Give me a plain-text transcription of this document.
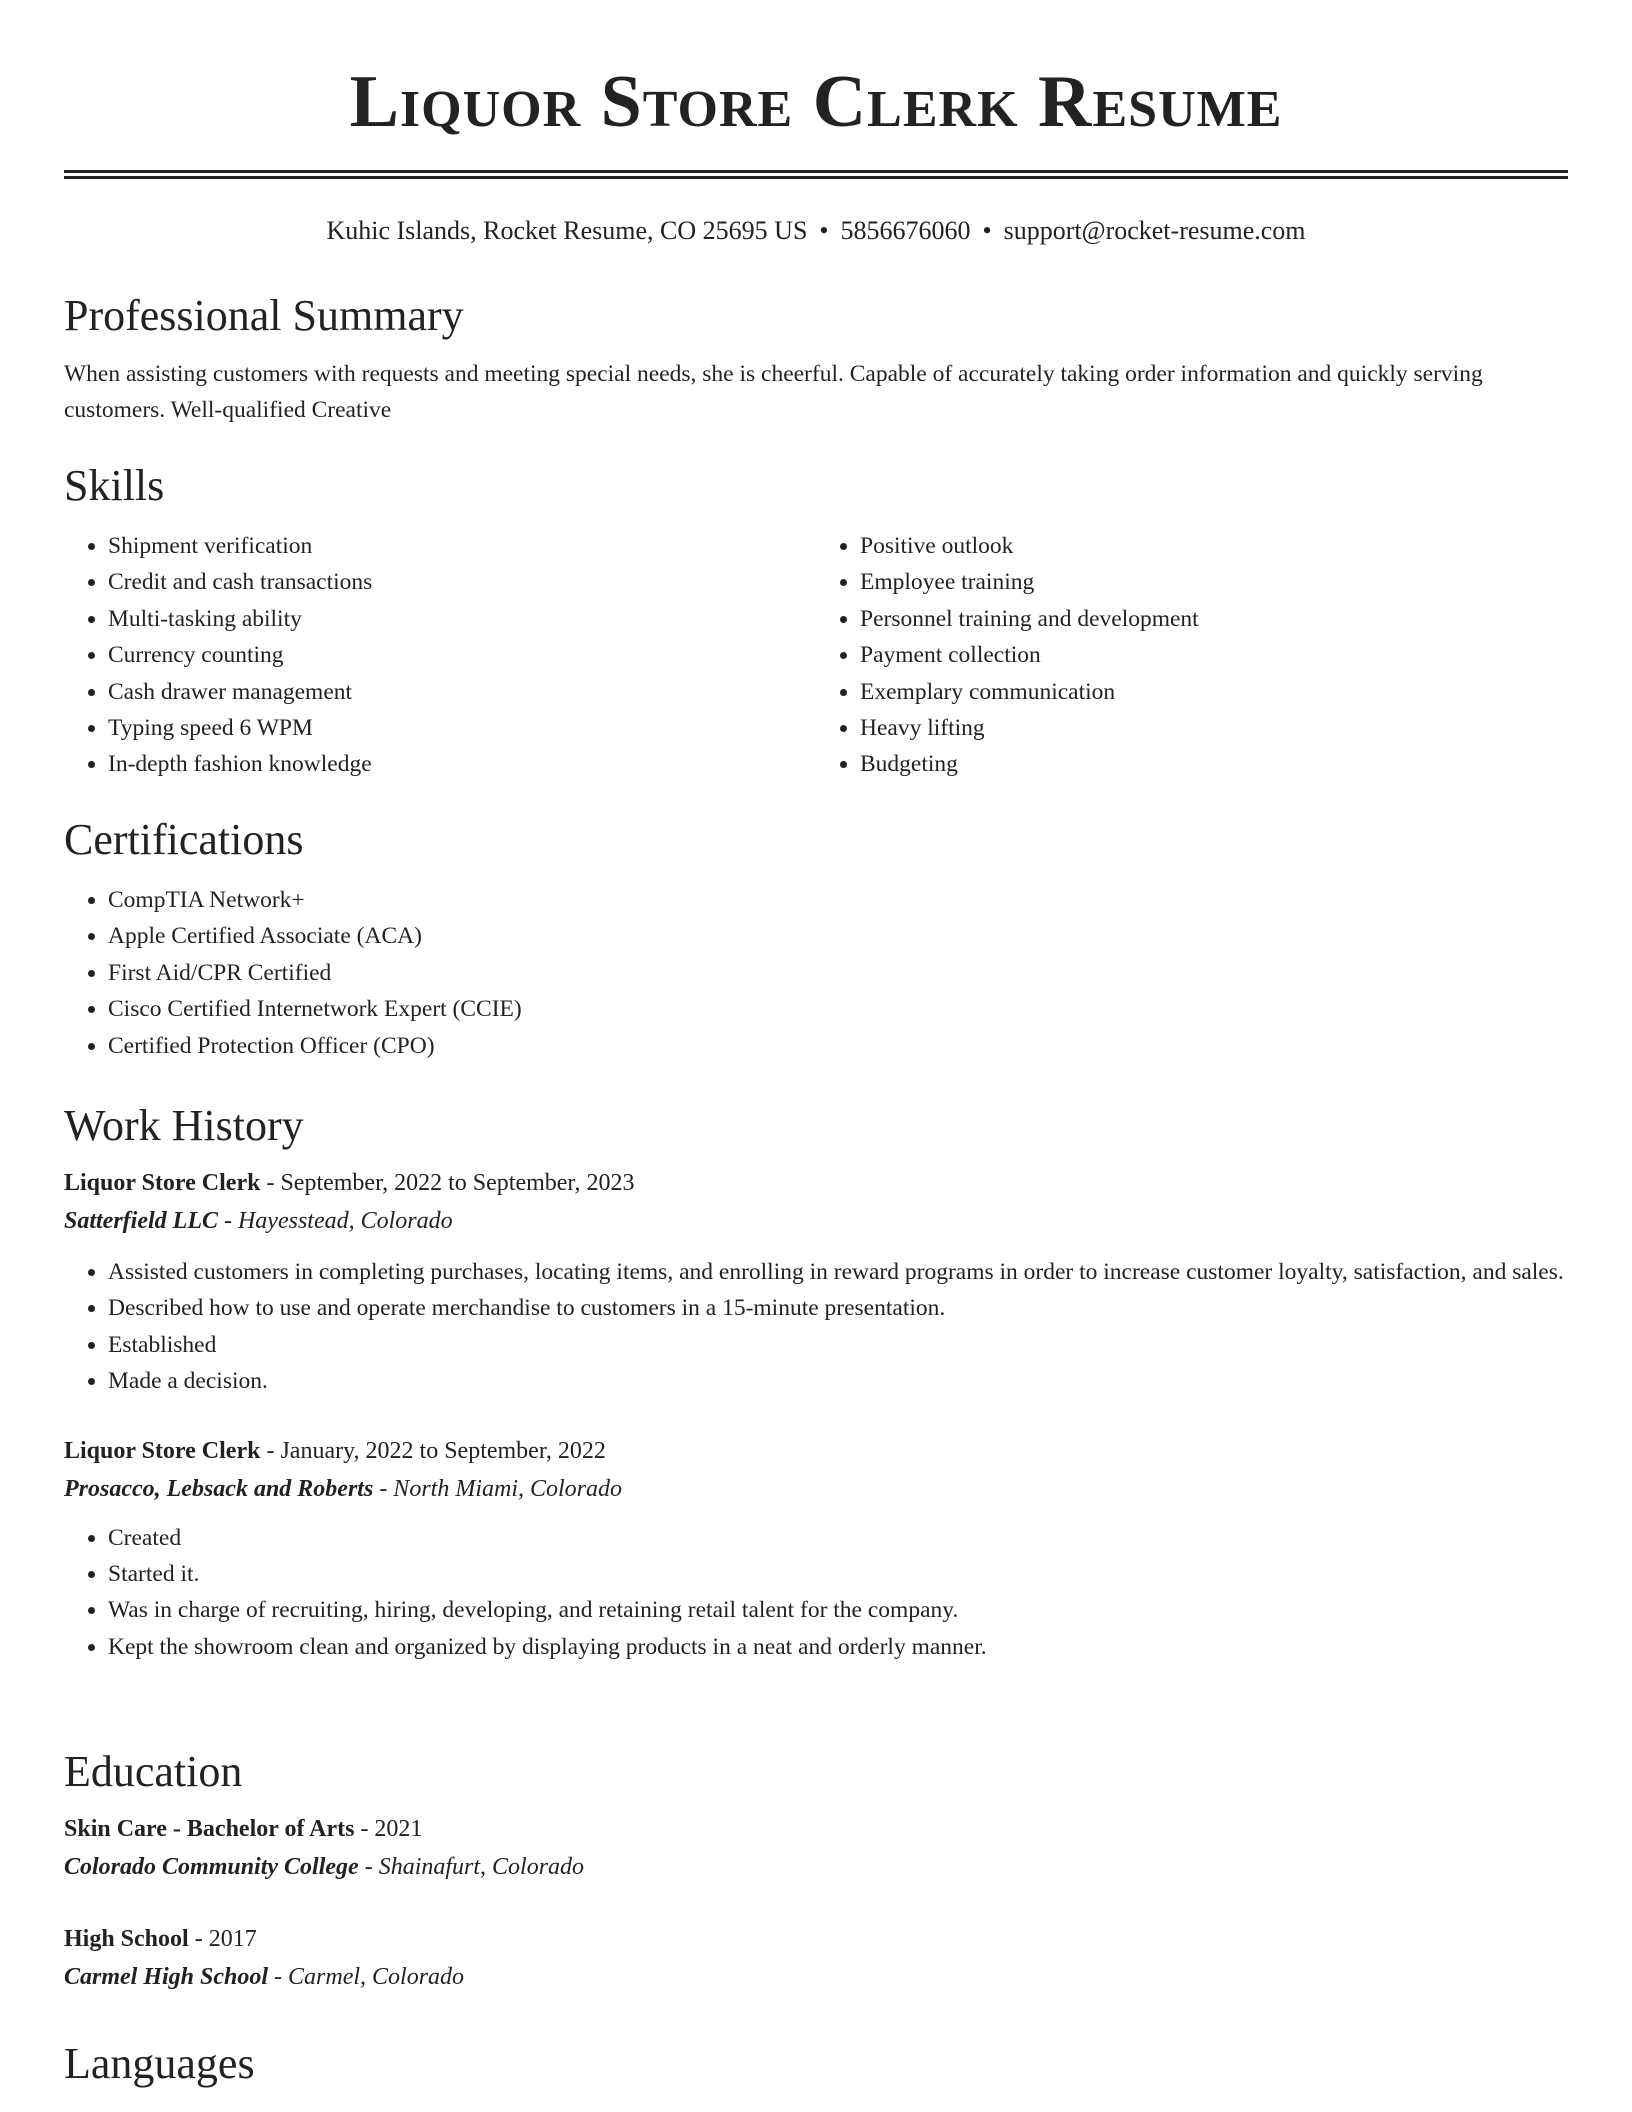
Liquor Store Clerk Resume
Kuhic Islands, Rocket Resume, CO 25695 US • 5856676060 • support@rocket-resume.com
Professional Summary

When assisting customers with requests and meeting special needs, she is cheerful. Capable of accurately taking order information and quickly serving customers. Well-qualified Creative

Skills
• Shipment verification
• Credit and cash transactions
• Multi-tasking ability
• Currency counting
• Cash drawer management
• Typing speed 6 WPM
• In-depth fashion knowledge
• Positive outlook
• Employee training
• Personnel training and development
• Payment collection
• Exemplary communication
• Heavy lifting
• Budgeting
Certifications
• CompTIA Network+
• Apple Certified Associate (ACA)
• First Aid/CPR Certified
• Cisco Certified Internetwork Expert (CCIE)
• Certified Protection Officer (CPO)
Work History
Liquor Store Clerk - September, 2022 to September, 2023
Satterfield LLC - Hayesstead, Colorado
• Assisted customers in completing purchases, locating items, and enrolling in reward programs in order to increase customer loyalty, satisfaction, and sales.
• Described how to use and operate merchandise to customers in a 15-minute presentation.
• Established
• Made a decision.
Liquor Store Clerk - January, 2022 to September, 2022
Prosacco, Lebsack and Roberts - North Miami, Colorado
• Created
• Started it.
• Was in charge of recruiting, hiring, developing, and retaining retail talent for the company.
• Kept the showroom clean and organized by displaying products in a neat and orderly manner.
Education
Skin Care - Bachelor of Arts - 2021
Colorado Community College - Shainafurt, Colorado
High School - 2017
Carmel High School - Carmel, Colorado
Languages
